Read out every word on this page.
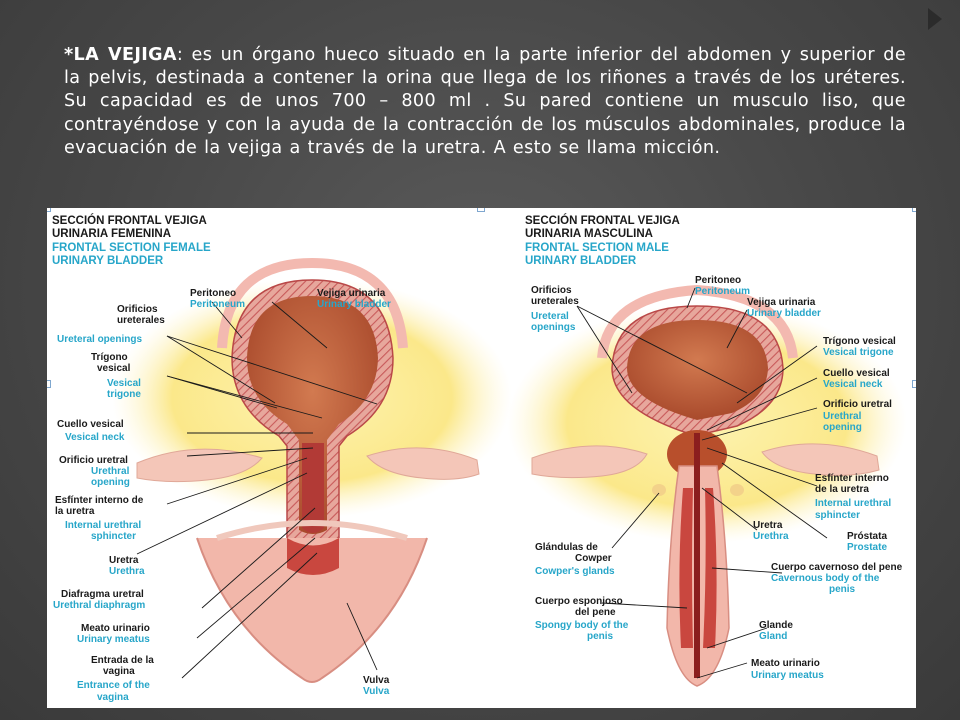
*LA VEJIGA: es un órgano hueco situado en la parte inferior del abdomen y superior de la pelvis, destinada a contener la orina que llega de los riñones a través de los uréteres. Su capacidad es de unos 700 – 800 ml . Su pared contiene un musculo liso, que contrayéndose y con la ayuda de la contracción de los músculos abdominales, produce la evacuación de la vejiga a través de la uretra. A esto se llama micción.

SECCIÓN FRONTAL VEJIGA
URINARIA FEMENINA
FRONTAL SECTION FEMALE
URINARY BLADDER
Peritoneo
Peritoneum
Vejiga urinaria
Urinary bladder
Orificios
ureterales
Ureteral openings
Trígono
vesical
Vesical
trigone
Cuello vesical
Vesical neck
Orificio uretral
Urethral
opening
Esfínter interno de
la uretra
Internal urethral
sphincter
Uretra
Urethra
Diafragma uretral
Urethral diaphragm
Meato urinario
Urinary meatus
Entrada de la
vagina
Entrance of the
vagina
Vulva
Vulva
SECCIÓN FRONTAL VEJIGA
URINARIA MASCULINA
FRONTAL SECTION MALE
URINARY BLADDER
Orificios
ureterales
Ureteral
openings
Peritoneo
Peritoneum
Vejiga urinaria
Urinary bladder
Trígono vesical
Vesical trigone
Cuello vesical
Vesical neck
Orificio uretral
Urethral
opening
Esfínter interno
de la uretra
Internal urethral
sphincter
Próstata
Prostate
Uretra
Urethra
Glándulas de
Cowper
Cowper's glands	Cuerpo cavernoso del pene
Cavernous body of the
penis
Cuerpo esponjoso
del pene
Spongy body of the
penis
Glande
Gland
Meato urinario
Urinary meatus
